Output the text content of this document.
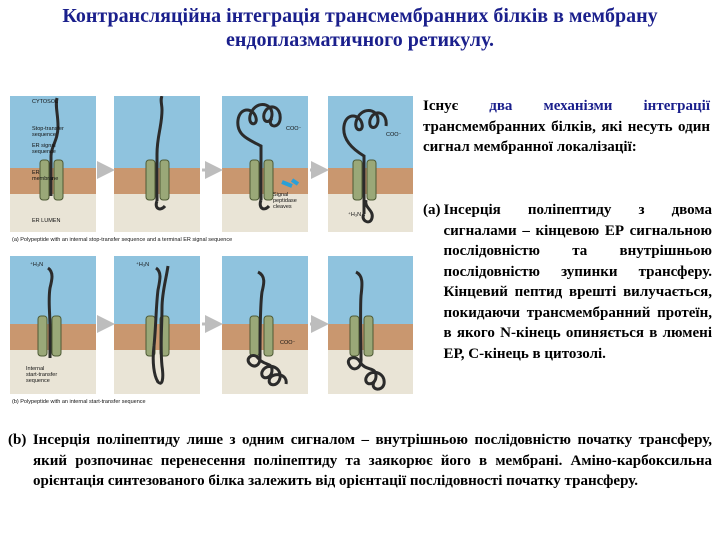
Контрансляційна інтеграція трансмембранних білків в мембрану
ендоплазматичного ретикулу.
CYTOSOL
Stop-transfer
sequence
ER signal
sequence
ER
membrane
ER LUMEN
COO⁻
COO⁻
Signal
peptidase
cleaves
⁺H₃N
(a) Polypeptide with an internal stop-transfer sequence and a terminal ER signal sequence
⁺H₃N	⁺H₃N
Internal
start-transfer
sequence
COO⁻
(b) Polypeptide with an internal start-transfer sequence
Існує два механізми інтеграції трансмембранних білків, які несуть один сигнал мембранної локалізації:
(a) Інсерція поліпептиду з двома сигналами – кінцевою ЕР сигнальною послідовністю та внутрішньою послідовністю зупинки трансферу. Кінцевий пептид врешті вилучається, покидаючи трансмембранний протеїн, в якого N-кінець опиняється в люмені ЕР, С-кінець в цитозолі.
(b) Інсерція поліпептиду лише з одним сигналом – внутрішньою послідовністю початку трансферу, який розпочинає перенесення поліпептиду та заякорює його в мембрані. Аміно-карбоксильна орієнтація синтезованого білка залежить від орієнтації послідовності початку трансферу.
